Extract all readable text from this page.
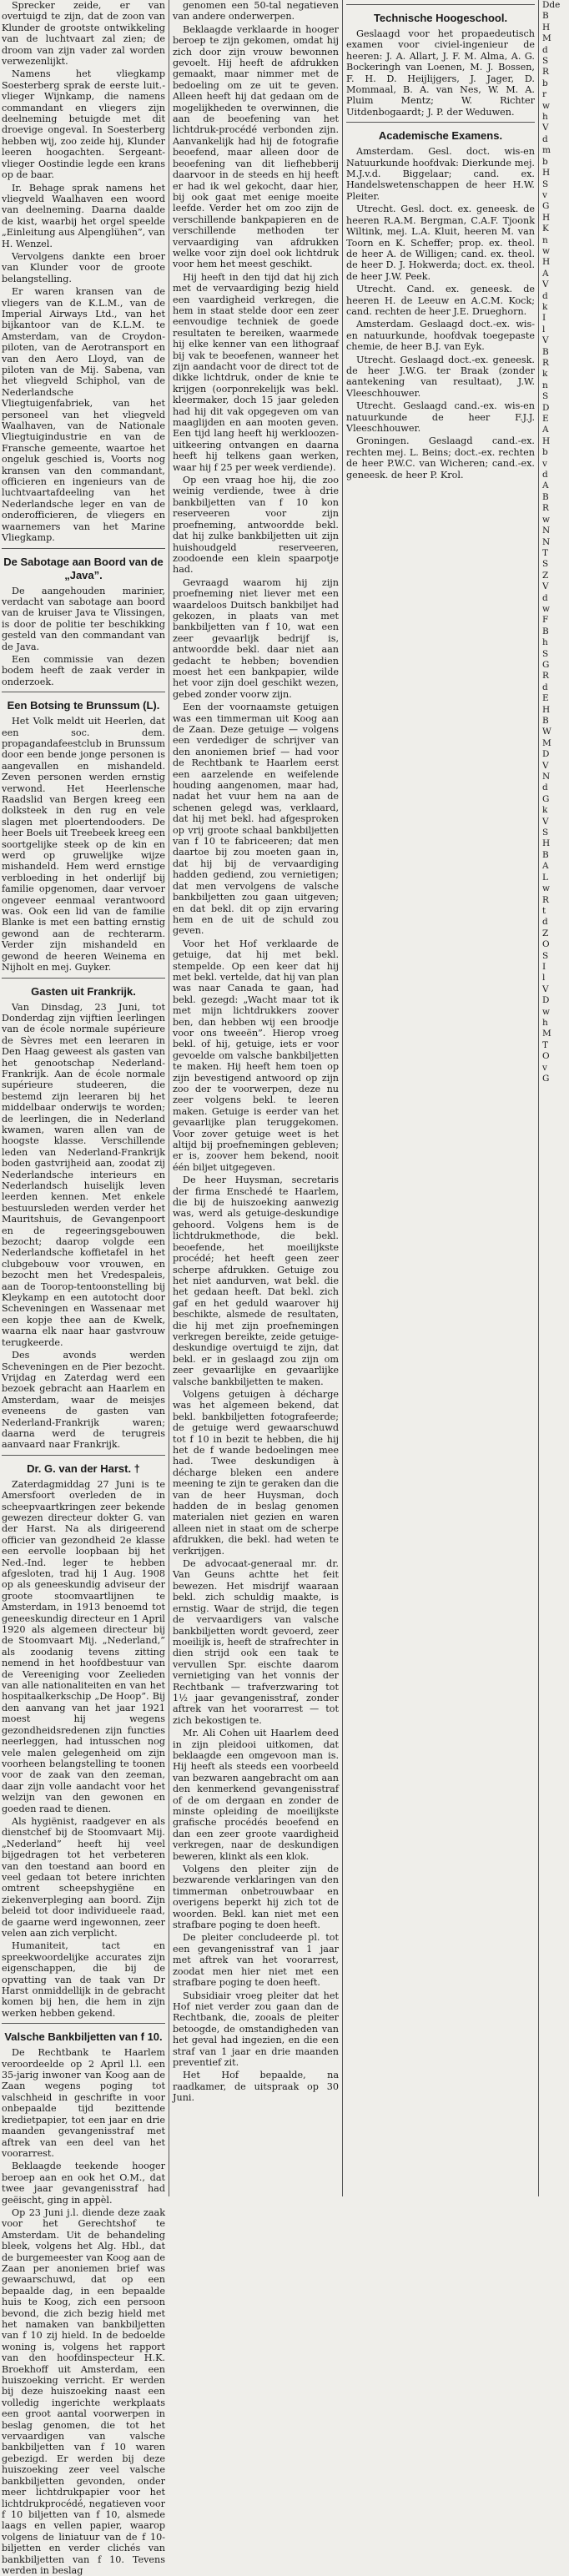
Sprecker zeide, er van overtuigd te zijn, dat de zoon van Klunder de grootste ontwikkeling van de luchtvaart zal zien; de droom van zijn vader zal worden verwezenlijkt.

Namens het vliegkamp Soesterberg sprak de eerste luit.-vlieger Wijnkamp, die namens commandant en vliegers zijn deelneming betuigde met dit droevige ongeval. In Soesterberg hebben wij, zoo zeide hij, Klunder leeren hoogachten. Sergeant-vlieger Oostindie legde een krans op de baar.

Ir. Behage sprak namens het vliegveld Waalhaven een woord van deelneming. Daarna daalde de kist, waarbij het orgel speelde „Einleitung aus Alpenglühen”, van H. Wenzel.

Vervolgens dankte een broer van Klunder voor de groote belangstelling.

Er waren kransen van de vliegers van de K.L.M., van de Imperial Airways Ltd., van het bijkantoor van de K.L.M. te Amsterdam, van de Croydon-piloten, van de Aerotransport en van den Aero Lloyd, van de piloten van de Mij. Sabena, van het vliegveld Schiphol, van de Nederlandsche Vliegtuigenfabriek, van het personeel van het vliegveld Waalhaven, van de Nationale Vliegtuigindustrie en van de Fransche gemeente, waartoe het ongeluk geschied is, Voorts nog kransen van den commandant, officieren en ingenieurs van de luchtvaartafdeeling van het Nederlandsche leger en van de onderofficieren, de vliegers en waarnemers van het Marine Vliegkamp.

De Sabotage aan Boord van de „Java”.

De aangehouden marinier, verdacht van sabotage aan boord van de kruiser Java te Vlissingen, is door de politie ter beschikking gesteld van den commandant van de Java.

Een commissie van dezen bodem heeft de zaak verder in onderzoek.

Een Botsing te Brunssum (L).

Het Volk meldt uit Heerlen, dat een soc. dem. propagandafeestclub in Brunssum door een bende jonge personen is aangevallen en mishandeld. Zeven personen werden ernstig verwond. Het Heerlensche Raadslid van Bergen kreeg een dolksteek in den rug en vele slagen met ploertendooders. De heer Boels uit Treebeek kreeg een soortgelijke steek op de kin en werd op gruwelijke wijze mishandeld. Hem werd ernstige verbloeding in het onderlijf bij familie opgenomen, daar vervoer ongeveer eenmaal verantwoord was. Ook een lid van de familie Blanke is met een batting ernstig gewond aan de rechterarm. Verder zijn mishandeld en gewond de heeren Weinema en Nijholt en mej. Guyker.

Gasten uit Frankrijk.

Van Dinsdag, 23 Juni, tot Donderdag zijn vijftien leerlingen van de école normale supérieure de Sèvres met een leeraren in Den Haag geweest als gasten van het genootschap Nederland-Frankrijk. Aan de école normale supérieure studeeren, die bestemd zijn leeraren bij het middelbaar onderwijs te worden; de leerlingen, die in Nederland kwamen, waren allen van de hoogste klasse. Verschillende leden van Nederland-Frankrijk boden gastvrijheid aan, zoodat zij Nederlandsche interieurs en Nederlandsch huiselijk leven leerden kennen. Met enkele bestuursleden werden verder het Mauritshuis, de Gevangenpoort en de regeeringsgebouwen bezocht; daarop volgde een Nederlandsche koffietafel in het clubgebouw voor vrouwen, en bezocht men het Vredespaleis, aan de Toorop-tentoonstelling bij Kleykamp en een autotocht door Scheveningen en Wassenaar met een kopje thee aan de Kwelk, waarna elk naar haar gastvrouw terugkeerde.

Des avonds werden Scheveningen en de Pier bezocht. Vrijdag en Zaterdag werd een bezoek gebracht aan Haarlem en Amsterdam, waar de meisjes eveneens de gasten van Nederland-Frankrijk waren; daarna werd de terugreis aanvaard naar Frankrijk.

Dr. G. van der Harst. †

Zaterdagmiddag 27 Juni is te Amersfoort overleden de in scheepvaartkringen zeer bekende gewezen directeur dokter G. van der Harst. Na als dirigeerend officier van gezondheid 2e klasse een eervolle loopbaan bij het Ned.-Ind. leger te hebben afgesloten, trad hij 1 Aug. 1908 op als geneeskundig adviseur der groote stoomvaartlijnen te Amsterdam, in 1913 benoemd tot geneeskundig directeur en 1 April 1920 als algemeen directeur bij de Stoomvaart Mij. „Nederland,” als zoodanig tevens zitting nemend in het hoofdbestuur van de Vereeniging voor Zeelieden van alle nationaliteiten en van het hospitaalkerkschip „De Hoop”. Bij den aanvang van het jaar 1921 moest hij wegens gezondheidsredenen zijn functies neerleggen, had intusschen nog vele malen gelegenheid om zijn voorheen belangstelling te toonen voor de zaak van den zeeman, daar zijn volle aandacht voor het welzijn van den gewonen en goeden raad te dienen.

Als hygiënist, raadgever en als dienstchef bij de Stoomvaart Mij. „Nederland” heeft hij veel bijgedragen tot het verbeteren van den toestand aan boord en veel gedaan tot betere inrichten omtrent scheepshygiëne en ziekenverpleging aan boord. Zijn beleid tot door individueele raad, de gaarne werd ingewonnen, zeer velen aan zich verplicht.

Humaniteit, tact en spreekwoordelijke accurates zijn eigenschappen, die bij de opvatting van de taak van Dr Harst onmiddellijk in de gebracht komen bij hen, die hem in zijn werken hebben gekend.

Valsche Bankbiljetten van f 10.

De Rechtbank te Haarlem veroordeelde op 2 April l.l. een 35-jarig inwoner van Koog aan de Zaan wegens poging tot valschheid in geschrifte in voor onbepaalde tijd bezittende kredietpapier, tot een jaar en drie maanden gevangenisstraf met aftrek van een deel van het voorarrest.

Beklaagde teekende hooger beroep aan en ook het O.M., dat twee jaar gevangenisstraf had geëischt, ging in appèl.

Op 23 Juni j.l. diende deze zaak voor het Gerechtshof te Amsterdam. Uit de behandeling bleek, volgens het Alg. Hbl., dat de burgemeester van Koog aan de Zaan per anoniemen brief was gewaarschuwd, dat op een bepaalde dag, in een bepaalde huis te Koog, zich een persoon bevond, die zich bezig hield met het namaken van bankbiljetten van f 10 zij hield. In de bedoelde woning is, volgens het rapport van den hoofdinspecteur H.K. Broekhoff uit Amsterdam, een huiszoeking verricht. Er werden bij deze huiszoeking naast een volledig ingerichte werkplaats een groot aantal voorwerpen in beslag genomen, die tot het vervaardigen van valsche bankbiljetten van f 10 waren gebezigd. Er werden bij deze huiszoeking zeer veel valsche bankbiljetten gevonden, onder meer lichtdrukpapier voor het lichtdrukprocédé, negatieven voor f 10 biljetten van f 10, alsmede laags en vellen papier, waarop volgens de liniatuur van de f 10-biljetten en verder clichés van bankbiljetten van f 10. Tevens werden in beslag

genomen een 50-tal negatieven van andere onderwerpen.

Beklaagde verklaarde in hooger beroep te zijn gekomen, omdat hij zich door zijn vrouw bewonnen gevoelt. Hij heeft de afdrukken gemaakt, maar nimmer met de bedoeling om ze uit te geven. Alleen heeft hij dat gedaan om de mogelijkheden te overwinnen, die aan de beoefening van het lichtdruk-procédé verbonden zijn. Aanvankelijk had hij de fotografie beoefend, maar alleen door de beoefening van dit liefhebberij daarvoor in de steeds en hij heeft er had ik wel gekocht, daar hier, bij ook gaat met eenige moeite leefde. Verder het om zoo zijn de verschillende bankpapieren en de verschillende methoden ter vervaardiging van afdrukken welke voor zijn doel ook lichtdruk voor hem het meest geschikt.

Hij heeft in den tijd dat hij zich met de vervaardiging bezig hield een vaardigheid verkregen, die hem in staat stelde door een zeer eenvoudige techniek de goede resultaten te bereiken, waarmede hij elke kenner van een lithograaf bij vak te beoefenen, wanneer het zijn aandacht voor de direct tot de dikke lichtdruk, onder de knie te krijgen (oorponrekelijk was bekl. kleermaker, doch 15 jaar geleden had hij dit vak opgegeven om van maaglijden en aan mooten geven. Een tijd lang heeft hij werkloozen-uitkeering ontvangen en daarna heeft hij telkens gaan werken, waar hij f 25 per week verdiende).

Op een vraag hoe hij, die zoo weinig verdiende, twee à drie bankbiljetten van f 10 kon reserveeren voor zijn proefneming, antwoordde bekl. dat hij zulke bankbiljetten uit zijn huishoudgeld reserveeren, zoodoende een klein spaarpotje had.

Gevraagd waarom hij zijn proefneming niet liever met een waardeloos Duitsch bankbiljet had gekozen, in plaats van met bankbiljetten van f 10, wat een zeer gevaarlijk bedrijf is, antwoordde bekl. daar niet aan gedacht te hebben; bovendien moest het een bankpapier, wilde het voor zijn doel geschikt wezen, gebed zonder voorw zijn.

Een der voornaamste getuigen was een timmerman uit Koog aan de Zaan. Deze getuige — volgens een verdediger de schrijver van den anoniemen brief — had voor de Rechtbank te Haarlem eerst een aarzelende en weifelende houding aangenomen, maar had, nadat het vuur hem na aan de schenen gelegd was, verklaard, dat hij met bekl. had afgesproken op vrij groote schaal bankbiljetten van f 10 te fabriceeren; dat men daartoe bij zou moeten gaan in, dat hij bij de vervaardiging hadden gediend, zou vernietigen; dat men vervolgens de valsche bankbiljetten zou gaan uitgeven; en dat bekl. dit op zijn ervaring hem en de uit de schuld zou geven.

Voor het Hof verklaarde de getuige, dat hij met bekl. stempelde. Op een keer dat hij met bekl. vertelde, dat hij van plan was naar Canada te gaan, had bekl. gezegd: „Wacht maar tot ik met mijn lichtdrukkers zoover ben, dan hebben wij een broodje voor ons tweeën”. Hierop vroeg bekl. of hij, getuige, iets er voor gevoelde om valsche bankbiljetten te maken. Hij heeft hem toen op zijn bevestigend antwoord op zijn zoo der te voorwerpen, deze nu zeer volgens bekl. te leeren maken. Getuige is eerder van het gevaarlijke plan teruggekomen. Voor zover getuige weet is het altijd bij proefnemingen gebleven; er is, zoover hem bekend, nooit één biljet uitgegeven.

De heer Huysman, secretaris der firma Enschedé te Haarlem, die bij de huiszoeking aanwezig was, werd als getuige-deskundige gehoord. Volgens hem is de lichtdrukmethode, die bekl. beoefende, het moeilijkste procédé; het heeft geen zeer scherpe afdrukken. Getuige zou het niet aandurven, wat bekl. die het gedaan heeft. Dat bekl. zich gaf en het geduld waarover hij beschikte, alsmede de resultaten, die hij met zijn proefnemingen verkregen bereikte, zeide getuige-deskundige overtuigd te zijn, dat bekl. er in geslaagd zou zijn om zeer gevaarlijke en gevaarlijke valsche bankbiljetten te maken.

Volgens getuigen à décharge was het algemeen bekend, dat bekl. bankbiljetten fotografeerde; de getuige werd gewaarschuwd tot f 10 in bezit te hebben, die hij het de f wande bedoelingen mee had. Twee deskundigen à décharge bleken een andere meening te zijn te geraken dan die van de heer Huysman, doch hadden de in beslag genomen materialen niet gezien en waren alleen niet in staat om de scherpe afdrukken, die bekl. had weten te verkrijgen.

De advocaat-generaal mr. dr. Van Geuns achtte het feit bewezen. Het misdrijf waaraan bekl. zich schuldig maakte, is ernstig. Waar de strijd, die tegen de vervaardigers van valsche bankbiljetten wordt gevoerd, zeer moeilijk is, heeft de strafrechter in dien strijd ook een taak te vervullen Spr. eischte daarom vernietiging van het vonnis der Rechtbank — trafverzwaring tot 1½ jaar gevangenisstraf, zonder aftrek van het voorarrest — tot zich bekostigen te.

Mr. Ali Cohen uit Haarlem deed in zijn pleidooi uitkomen, dat beklaagde een omgevoon man is. Hij heeft als steeds een voorbeeld van bezwaren aangebracht om aan den kenmerkend gevangenisstraf of de om dergaan en zonder de minste opleiding de moeilijkste grafische procédés beoefend en dan een zeer groote vaardigheid verkregen, naar de deskundigen beweren, klinkt als een klok.

Volgens den pleiter zijn de bezwarende verklaringen van den timmerman onbetrouwbaar en overigens beperkt hij zich tot de woorden. Bekl. kan niet met een strafbare poging te doen heeft.

De pleiter concludeerde pl. tot een gevangenisstraf van 1 jaar met aftrek van het voorarrest, zoodat men hier niet met een strafbare poging te doen heeft.

Subsidiair vroeg pleiter dat het Hof niet verder zou gaan dan de Rechtbank, die, zooals de pleiter betoogde, de omstandigheden van het geval had ingezien, en die een straf van 1 jaar en drie maanden preventief zit.

Het Hof bepaalde, na raadkamer, de uitspraak op 30 Juni.

Technische Hoogeschool.

Geslaagd voor het propaedeutisch examen voor civiel-ingenieur de heeren: J. A. Allart, J. F. M. Alma, A. G. Bockeringh van Loenen, M. J. Bossen, F. H. D. Heijlijgers, J. Jager, D. Mommaal, B. A. van Nes, W. M. A. Pluim Mentz; W. Richter Uitdenbogaardt; J. P. der Weduwen.

Academische Examens.

Amsterdam. Gesl. doct. wis-en Natuurkunde hoofdvak: Dierkunde mej. M.J.v.d. Biggelaar; cand. ex. Handelswetenschappen de heer H.W. Pleiter.

Utrecht. Gesl. doct. ex. geneesk. de heeren R.A.M. Bergman, C.A.F. Tjoonk Wiltink, mej. L.A. Kluit, heeren M. van Toorn en K. Scheffer; prop. ex. theol. de heer A. de Willigen; cand. ex. theol. de heer D. J. Hokwerda; doct. ex. theol. de heer J.W. Peek.

Utrecht. Cand. ex. geneesk. de heeren H. de Leeuw en A.C.M. Kock; cand. rechten de heer J.E. Drueghorn.

Amsterdam. Geslaagd doct.-ex. wis-en natuurkunde, hoofdvak toegepaste chemie, de heer B.J. van Eyk.

Utrecht. Geslaagd doct.-ex. geneesk. de heer J.W.G. ter Braak (zonder aantekening van resultaat), J.W. Vleeschhouwer.

Utrecht. Geslaagd cand.-ex. wis-en natuurkunde de heer F.J.J. Vleeschhouwer.

Groningen. Geslaagd cand.-ex. rechten mej. L. Beins; doct.-ex. rechten de heer P.W.C. van Wicheren; cand.-ex. geneesk. de heer P. Krol.

Dde
B
H
M
d
S
R
b
r
w
h
V
d
m
b
H
S
v
G
H
K
n
w
H
A
V
d
k
I
l
V
B
R
k
n
S
D
E
A
H
b
v
d
A
B
R
w
N
N
T
S
Z
V
d
w
F
B
h
S
G
R
d
E
H
B
W
M
D
V
N
d
G
k
V
S
H
B
A
L
w
R
t
d
Z
O
S
I
l
V
D
w
h
M
T
O
v
G
